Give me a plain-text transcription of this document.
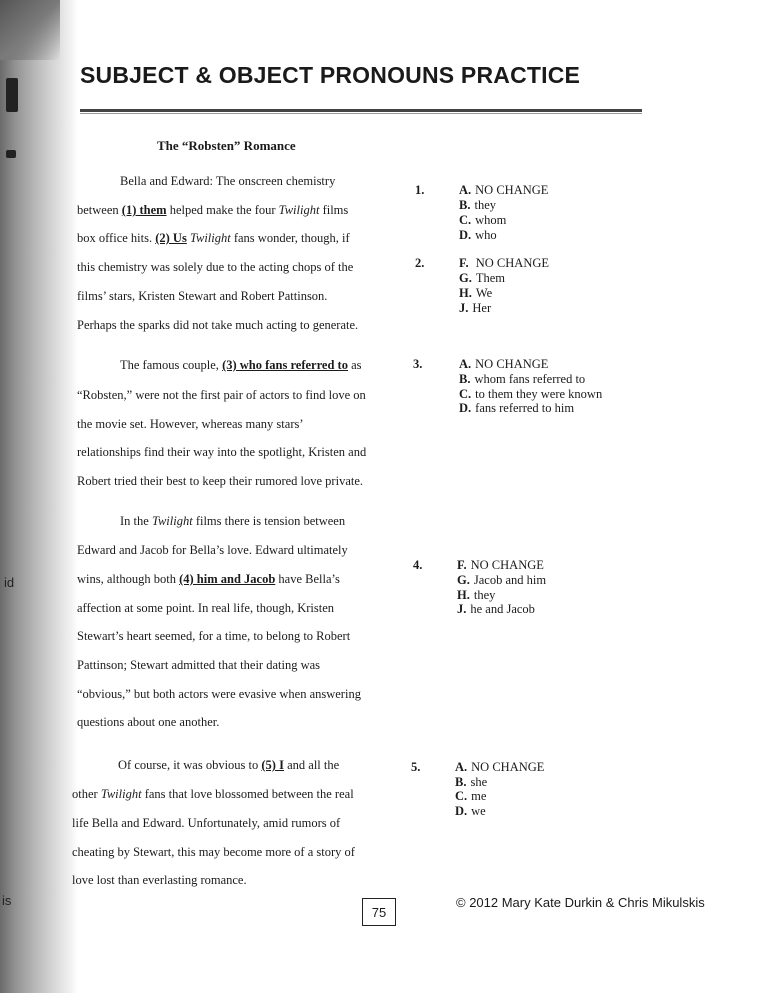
id
is
SUBJECT & OBJECT PRONOUNS PRACTICE
The “Robsten” Romance
Bella and Edward: The onscreen chemistry
between (1) them helped make the four Twilight films
box office hits. (2) Us Twilight fans wonder, though, if
this chemistry was solely due to the acting chops of the
films’ stars, Kristen Stewart and Robert Pattinson.
Perhaps the sparks did not take much acting to generate.
The famous couple, (3) who fans referred to as
“Robsten,” were not the first pair of actors to find love on
the movie set. However, whereas many stars’
relationships find their way into the spotlight, Kristen and
Robert tried their best to keep their rumored love private.
In the Twilight films there is tension between
Edward and Jacob for Bella’s love. Edward ultimately
wins, although both (4) him and Jacob have Bella’s
affection at some point. In real life, though, Kristen
Stewart’s heart seemed, for a time, to belong to Robert
Pattinson; Stewart admitted that their dating was
“obvious,” but both actors were evasive when answering
questions about one another.
Of course, it was obvious to (5) I and all the
other Twilight fans that love blossomed between the real
life Bella and Edward. Unfortunately, amid rumors of
cheating by Stewart, this may become more of a story of
love lost than everlasting romance.
1.	A. NO CHANGE
B. they
C. whom
D. who
2.	F. NO CHANGE
G. Them
H. We
J. Her
3.	A. NO CHANGE
B. whom fans referred to
C. to them they were known
D. fans referred to him
4.	F. NO CHANGE
G. Jacob and him
H. they
J. he and Jacob
5.	A. NO CHANGE
B. she
C. me
D. we
75
© 2012 Mary Kate Durkin & Chris Mikulskis
